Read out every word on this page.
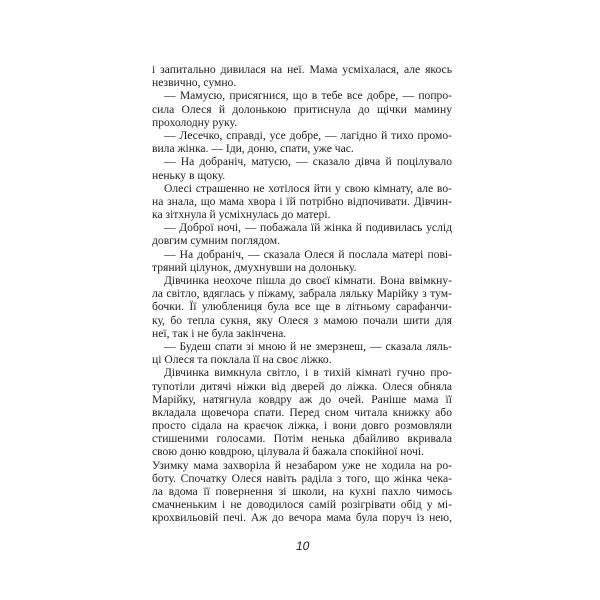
і запитально дивилася на неї. Мама усміхалася, але якось
незвично, сумно.
— Мамусю, присягнися, що в тебе все добре, — попро-
сила Олеся й долонькою притиснула до щічки мамину
прохолодну руку.
— Лесечко, справді, усе добре, — лагідно й тихо промо-
вила жінка. — Іди, доню, спати, уже час.
— На добраніч, матусю, — сказало дівча й поцілувало
неньку в щоку.
Олесі страшенно не хотілося йти у свою кімнату, але во-
на знала, що мама хвора і їй потрібно відпочивати. Дівчин-
ка зітхнула й усміхнулась до матері.
— Доброї ночі, — побажала їй жінка й подивилась услід
довгим сумним поглядом.
— На добраніч, — сказала Олеся й послала матері пові-
тряний цілунок, дмухнувши на долоньку.
Дівчинка неохоче пішла до своєї кімнати. Вона ввімкну-
ла світло, вдяглась у піжаму, забрала ляльку Марійку з тум-
бочки. Її улюблениця була все ще в літньому сарафанчи-
ку, бо тепла сукня, яку Олеся з мамою почали шити для
неї, так і не була закінчена.
— Будеш спати зі мною й не змерзнеш, — сказала ляль-
ці Олеся та поклала її на своє ліжко.
Дівчинка вимкнула світло, і в тихій кімнаті гучно про-
тупотіли дитячі ніжки від дверей до ліжка. Олеся обняла
Марійку, натягнула ковдру аж до очей. Раніше мама її
вкладала щовечора спати. Перед сном читала книжку або
просто сідала на краєчок ліжка, і вони довго розмовляли
стишеними голосами. Потім ненька дбайливо вкривала
свою доню ковдрою, цілувала й бажала спокійної ночі.
Узимку мама захворіла й незабаром уже не ходила на ро-
боту. Спочатку Олеся навіть раділа з того, що жінка чека-
ла вдома її повернення зі школи, на кухні пахло чимось
смачненьким і не доводилося самій розігрівати обід у мі-
крохвильовій печі. Аж до вечора мама була поруч із нею,
10
